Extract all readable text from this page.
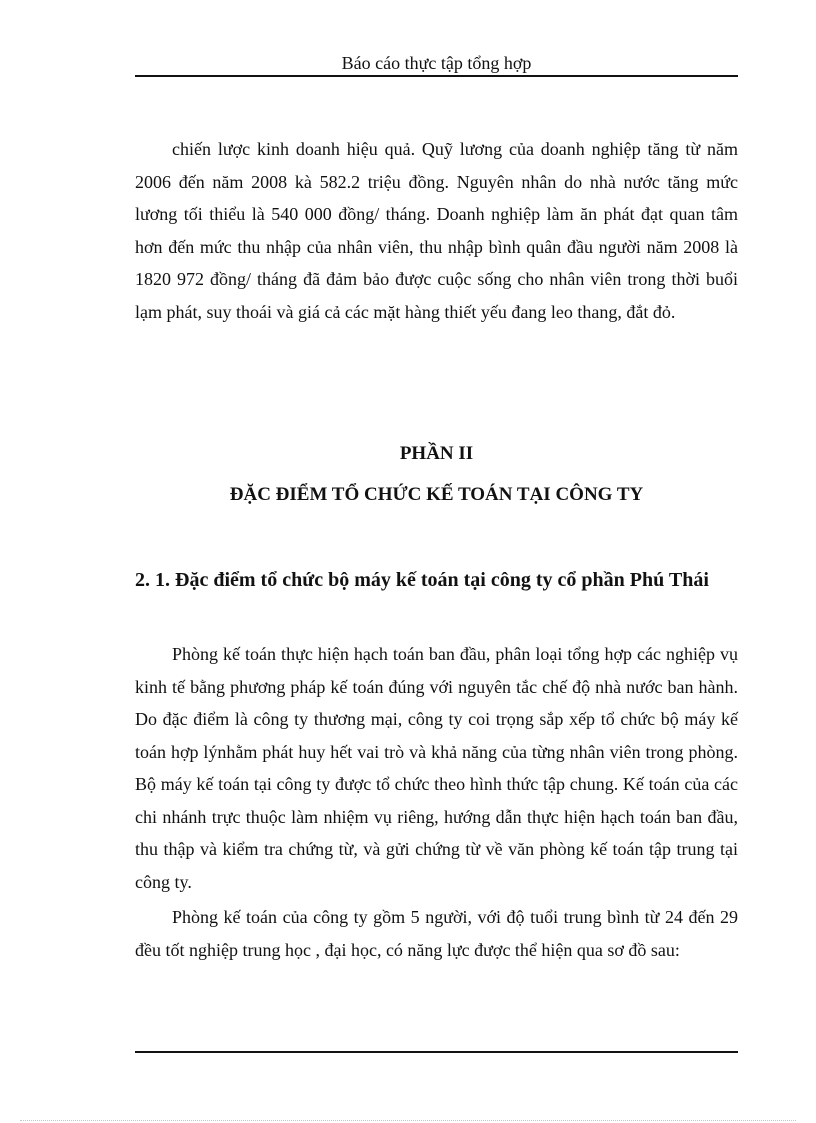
Báo cáo thực tập tổng hợp

chiến lược kinh doanh hiệu quả. Quỹ lương của doanh nghiệp tăng từ năm 2006 đến năm 2008 kà 582.2 triệu đồng. Nguyên nhân do nhà nước tăng mức lương tối thiểu là 540 000 đồng/ tháng. Doanh nghiệp làm ăn phát đạt quan tâm hơn đến mức thu nhập của nhân viên, thu nhập bình quân đầu người năm 2008 là 1820 972 đồng/ tháng đã đảm bảo được cuộc sống cho nhân viên trong thời buổi lạm phát, suy thoái và giá cả các mặt hàng thiết yếu đang leo thang, đắt đỏ.

PHẦN II
ĐẶC ĐIỂM TỔ CHỨC KẾ TOÁN TẠI CÔNG TY
2. 1. Đặc điểm tổ chức bộ máy kế toán tại công ty cổ phần Phú Thái

Phòng kế toán thực hiện hạch toán ban đầu, phân loại tổng hợp các nghiệp vụ kinh tế bằng phương pháp kế toán đúng với nguyên tắc chế độ nhà nước ban hành. Do đặc điểm là công ty thương mại, công ty coi trọng sắp xếp tổ chức bộ máy kế toán hợp lýnhằm phát huy hết vai trò và khả năng của từng nhân viên trong phòng. Bộ máy kế toán tại công ty được tổ chức theo hình thức tập chung. Kế toán của các chi nhánh trực thuộc làm nhiệm vụ riêng, hướng dẫn thực hiện hạch toán ban đầu, thu thập và kiểm tra chứng từ, và gửi chứng từ về văn phòng kế toán tập trung tại công ty.

Phòng kế toán của công ty gồm 5 người, với độ tuổi trung bình từ 24 đến 29 đều tốt nghiệp trung học , đại học, có năng lực được thể hiện qua sơ đồ sau:
